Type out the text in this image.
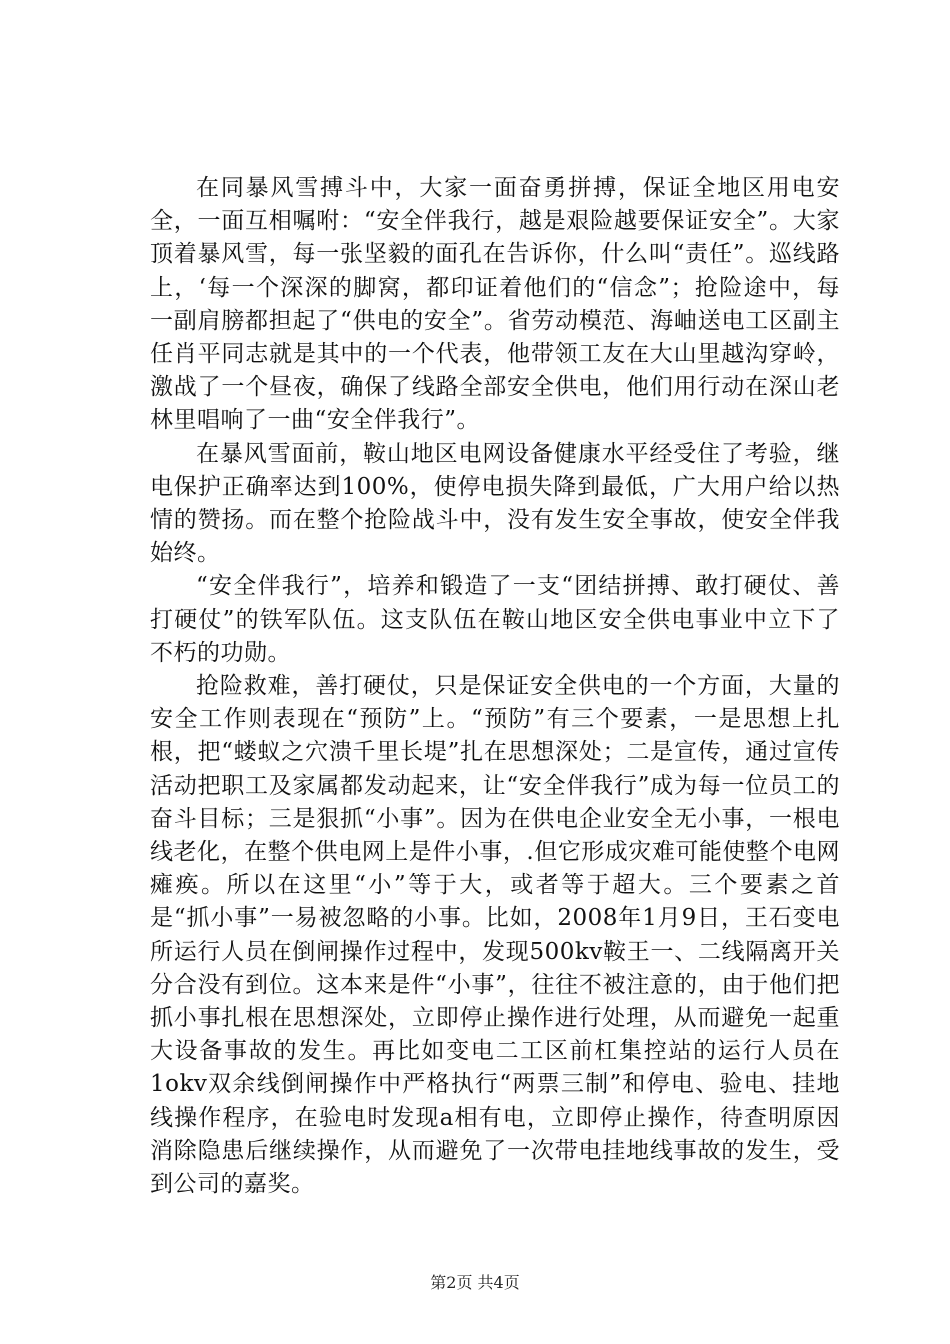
在同暴风雪搏斗中，大家一面奋勇拼搏，保证全地区用电安全，一面互相嘱咐：“安全伴我行，越是艰险越要保证安全”。大家顶着暴风雪，每一张坚毅的面孔在告诉你，什么叫“责任”。巡线路上，‘每一个深深的脚窝，都印证着他们的“信念”；抢险途中，每一副肩膀都担起了“供电的安全”。省劳动模范、海岫送电工区副主任肖平同志就是其中的一个代表，他带领工友在大山里越沟穿岭，激战了一个昼夜，确保了线路全部安全供电，他们用行动在深山老林里唱响了一曲“安全伴我行”。

在暴风雪面前，鞍山地区电网设备健康水平经受住了考验，继电保护正确率达到100%，使停电损失降到最低，广大用户给以热情的赞扬。而在整个抢险战斗中，没有发生安全事故，使安全伴我始终。

“安全伴我行”，培养和锻造了一支“团结拼搏、敢打硬仗、善打硬仗”的铁军队伍。这支队伍在鞍山地区安全供电事业中立下了不朽的功勋。

抢险救难，善打硬仗，只是保证安全供电的一个方面，大量的安全工作则表现在“预防”上。“预防”有三个要素，一是思想上扎根，把“蝼蚁之穴溃千里长堤”扎在思想深处；二是宣传，通过宣传活动把职工及家属都发动起来，让“安全伴我行”成为每一位员工的奋斗目标；三是狠抓“小事”。因为在供电企业安全无小事，一根电线老化，在整个供电网上是件小事，.但它形成灾难可能使整个电网瘫痪。所以在这里“小”等于大，或者等于超大。三个要素之首是“抓小事”一易被忽略的小事。比如，2008年1月9日，王石变电所运行人员在倒闸操作过程中，发现500kv鞍王一、二线隔离开关分合没有到位。这本来是件“小事”，往往不被注意的，由于他们把抓小事扎根在思想深处，立即停止操作进行处理，从而避免一起重大设备事故的发生。再比如变电二工区前杠集控站的运行人员在1okv双余线倒闸操作中严格执行“两票三制”和停电、验电、挂地线操作程序，在验电时发现a相有电，立即停止操作，待查明原因消除隐患后继续操作，从而避免了一次带电挂地线事故的发生，受到公司的嘉奖。

第2页 共4页
